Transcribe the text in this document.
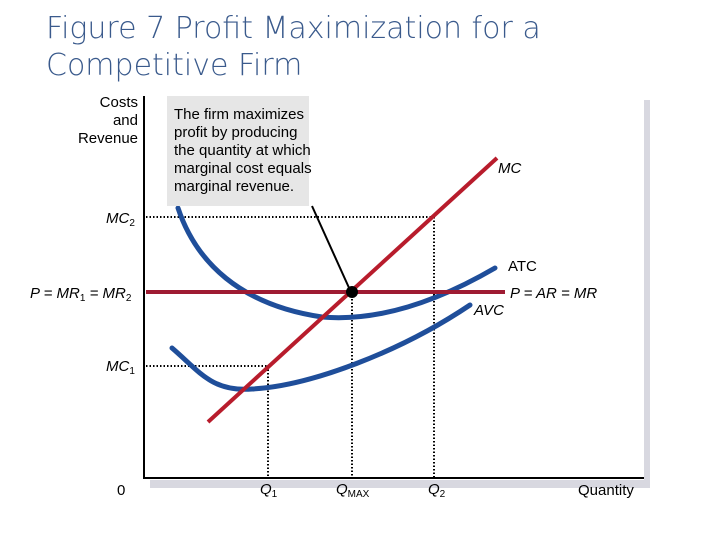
Figure 7 Profit Maximization for a
Competitive Firm
Costs
and
Revenue
The firm maximizes
profit by producing
the quantity at which
marginal cost equals
marginal revenue.
MC
ATC
P = AR = MR
AVC
$MC_2$
$P = MR_1 = MR_2$
$MC_1$
0	$Q_1$	$Q_{MAX}$	$Q_2$	Quantity
